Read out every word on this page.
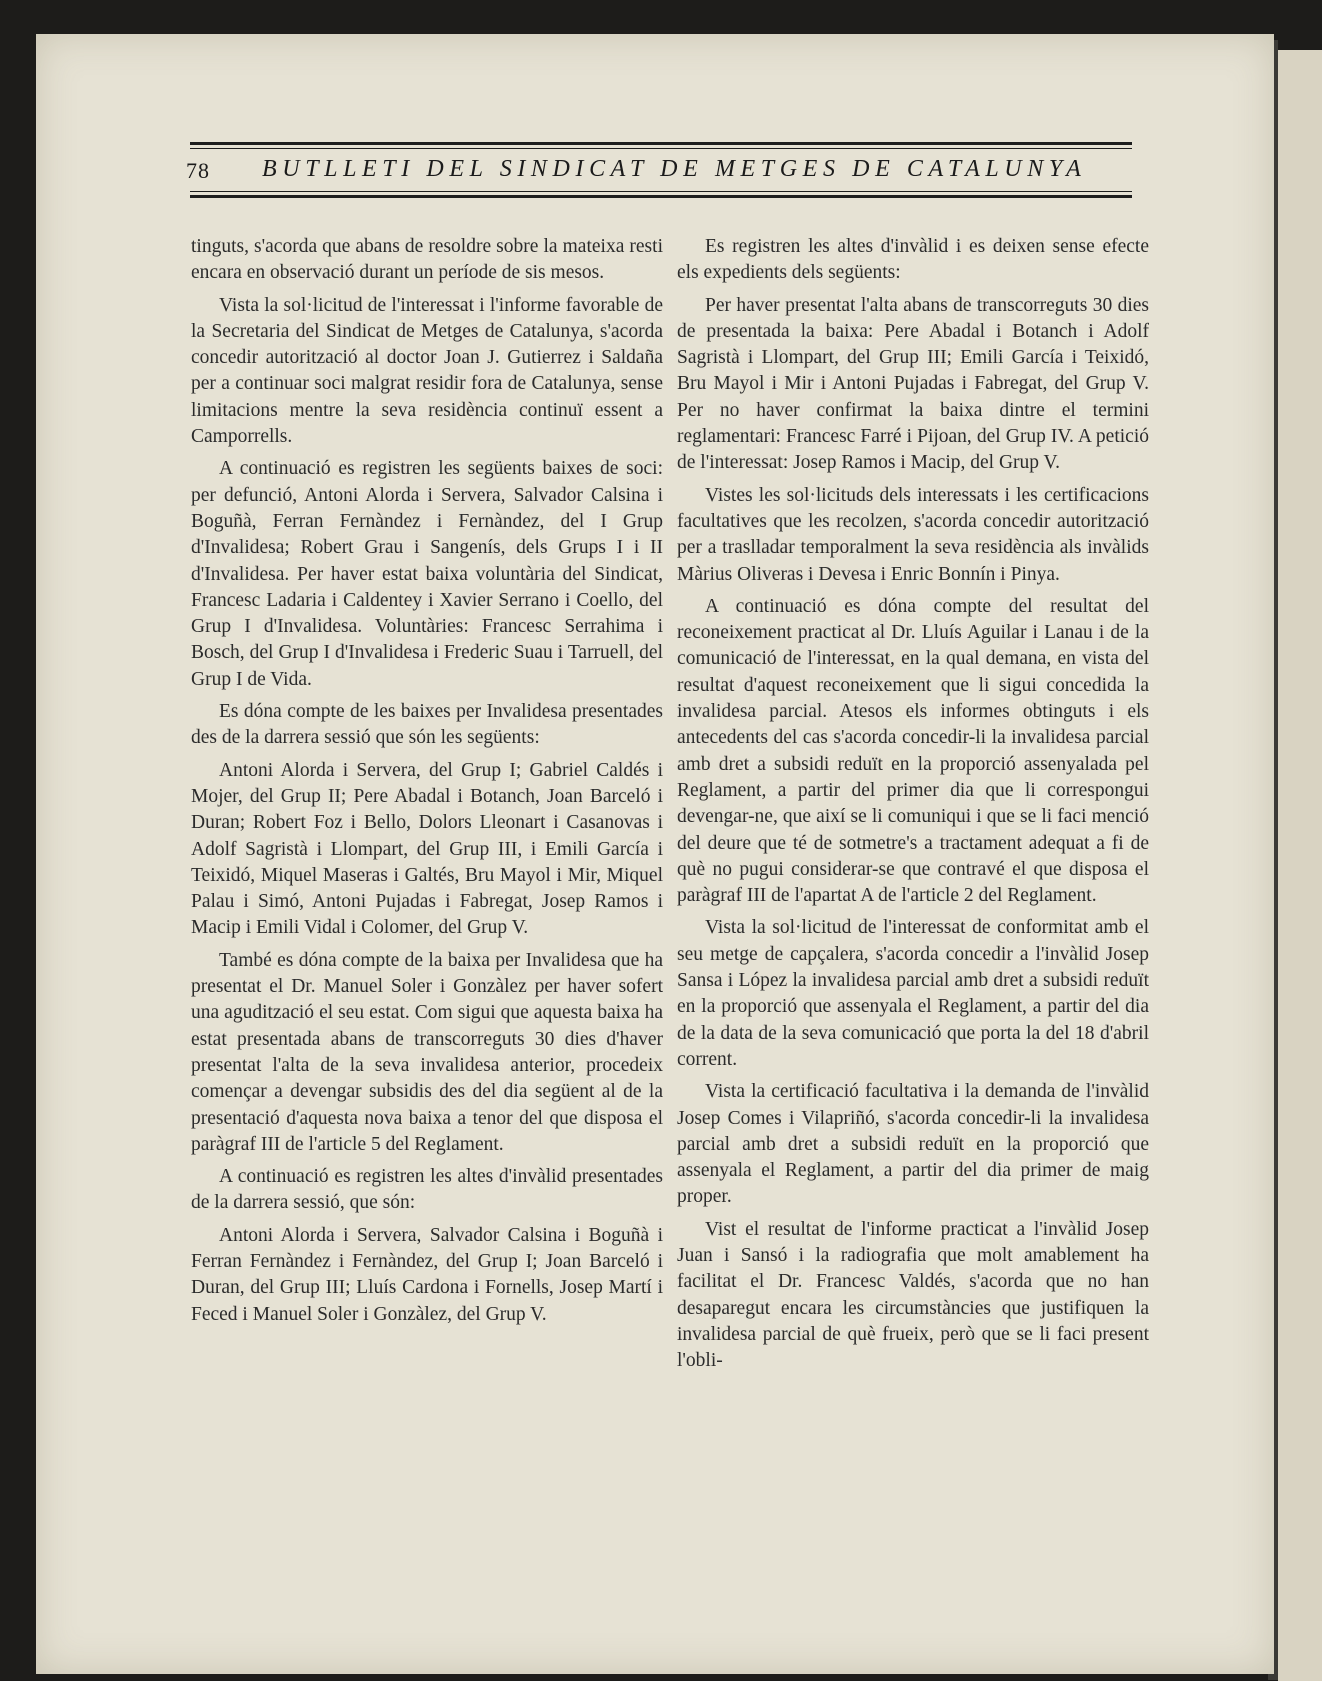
78 BUTLLETI DEL SINDICAT DE METGES DE CATALUNYA

tinguts, s'acorda que abans de resoldre sobre la mateixa resti encara en observació durant un període de sis mesos.

Vista la sol·licitud de l'interessat i l'informe favorable de la Secretaria del Sindicat de Metges de Catalunya, s'acorda concedir autorització al doctor Joan J. Gutierrez i Saldaña per a continuar soci malgrat residir fora de Catalunya, sense limitacions mentre la seva residència continuï essent a Camporrells.

A continuació es registren les següents baixes de soci: per defunció, Antoni Alorda i Servera, Salvador Calsina i Boguñà, Ferran Fernàndez i Fernàndez, del I Grup d'Invalidesa; Robert Grau i Sangenís, dels Grups I i II d'Invalidesa. Per haver estat baixa voluntària del Sindicat, Francesc Ladaria i Caldentey i Xavier Serrano i Coello, del Grup I d'Invalidesa. Voluntàries: Francesc Serrahima i Bosch, del Grup I d'Invalidesa i Frederic Suau i Tarruell, del Grup I de Vida.

Es dóna compte de les baixes per Invalidesa presentades des de la darrera sessió que són les següents:

Antoni Alorda i Servera, del Grup I; Gabriel Caldés i Mojer, del Grup II; Pere Abadal i Botanch, Joan Barceló i Duran; Robert Foz i Bello, Dolors Lleonart i Casanovas i Adolf Sagristà i Llompart, del Grup III, i Emili García i Teixidó, Miquel Maseras i Galtés, Bru Mayol i Mir, Miquel Palau i Simó, Antoni Pujadas i Fabregat, Josep Ramos i Macip i Emili Vidal i Colomer, del Grup V.

També es dóna compte de la baixa per Invalidesa que ha presentat el Dr. Manuel Soler i Gonzàlez per haver sofert una agudització el seu estat. Com sigui que aquesta baixa ha estat presentada abans de transcorreguts 30 dies d'haver presentat l'alta de la seva invalidesa anterior, procedeix començar a devengar subsidis des del dia següent al de la presentació d'aquesta nova baixa a tenor del que disposa el paràgraf III de l'article 5 del Reglament.

A continuació es registren les altes d'invàlid presentades de la darrera sessió, que són:

Antoni Alorda i Servera, Salvador Calsina i Boguñà i Ferran Fernàndez i Fernàndez, del Grup I; Joan Barceló i Duran, del Grup III; Lluís Cardona i Fornells, Josep Martí i Feced i Manuel Soler i Gonzàlez, del Grup V.

Es registren les altes d'invàlid i es deixen sense efecte els expedients dels següents:

Per haver presentat l'alta abans de transcorreguts 30 dies de presentada la baixa: Pere Abadal i Botanch i Adolf Sagristà i Llompart, del Grup III; Emili García i Teixidó, Bru Mayol i Mir i Antoni Pujadas i Fabregat, del Grup V. Per no haver confirmat la baixa dintre el termini reglamentari: Francesc Farré i Pijoan, del Grup IV. A petició de l'interessat: Josep Ramos i Macip, del Grup V.

Vistes les sol·licituds dels interessats i les certificacions facultatives que les recolzen, s'acorda concedir autorització per a traslladar temporalment la seva residència als invàlids Màrius Oliveras i Devesa i Enric Bonnín i Pinya.

A continuació es dóna compte del resultat del reconeixement practicat al Dr. Lluís Aguilar i Lanau i de la comunicació de l'interessat, en la qual demana, en vista del resultat d'aquest reconeixement que li sigui concedida la invalidesa parcial. Atesos els informes obtinguts i els antecedents del cas s'acorda concedir-li la invalidesa parcial amb dret a subsidi reduït en la proporció assenyalada pel Reglament, a partir del primer dia que li correspongui devengar-ne, que així se li comuniqui i que se li faci menció del deure que té de sotmetre's a tractament adequat a fi de què no pugui considerar-se que contravé el que disposa el paràgraf III de l'apartat A de l'article 2 del Reglament.

Vista la sol·licitud de l'interessat de conformitat amb el seu metge de capçalera, s'acorda concedir a l'invàlid Josep Sansa i López la invalidesa parcial amb dret a subsidi reduït en la proporció que assenyala el Reglament, a partir del dia de la data de la seva comunicació que porta la del 18 d'abril corrent.

Vista la certificació facultativa i la demanda de l'invàlid Josep Comes i Vilapriñó, s'acorda concedir-li la invalidesa parcial amb dret a subsidi reduït en la proporció que assenyala el Reglament, a partir del dia primer de maig proper.

Vist el resultat de l'informe practicat a l'invàlid Josep Juan i Sansó i la radiografia que molt amablement ha facilitat el Dr. Francesc Valdés, s'acorda que no han desaparegut encara les circumstàncies que justifiquen la invalidesa parcial de què frueix, però que se li faci present l'obli-
